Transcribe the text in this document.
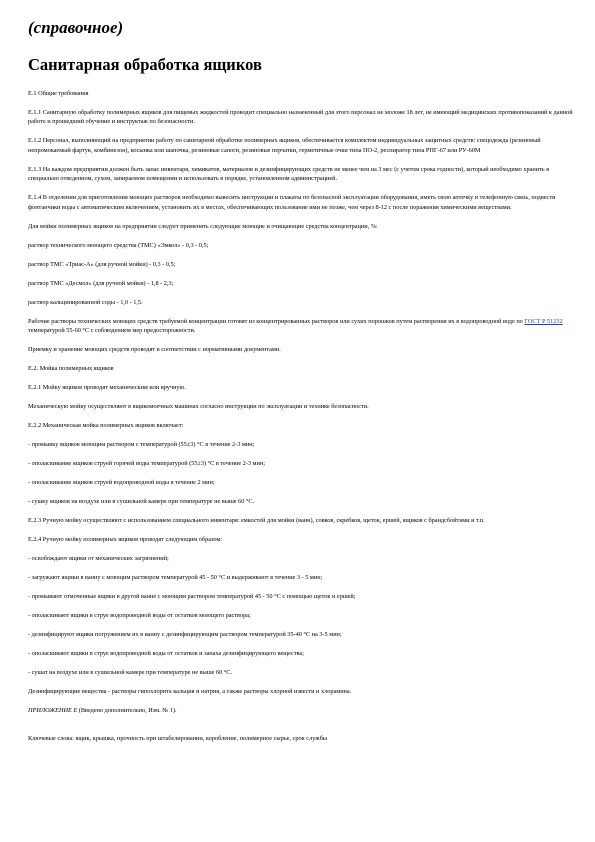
(справочное)
Санитарная обработка ящиков
Е.1 Общие требования
Е.1.1 Санитарную обработку полимерных ящиков для пищевых жидкостей проводит специально назначенный для этого персонал не моложе 18 лет, не имеющий медицинских противопоказаний к данной работе и прошедший обучение и инструктаж по безопасности.
Е.1.2 Персонал, выполняющий на предприятии работу по санитарной обработке полимерных ящиков, обеспечивается комплектом индивидуальных защитных средств: спецодежда (резиновый непромокаемый фартук, комбинезон), косынка или шапочка, резиновые сапоги, резиновые перчатки, герметичные очки типа ПО-2, респиратор типа РПГ-67 или РУ-60М
Е.1.3 На каждом предприятии должен быть запас инвентаря, химикатов, материалов и дезинфицирующих средств не менее чем на 3 мес (с учетом срока годности), который необходимо хранить в специально отведенном, сухом, запираемом помещении и использовать в порядке, установленном администрацией.
Е.1.4 В отделении для приготовления моющих растворов необходимо вывесить инструкции и плакаты по безопасной эксплуатации оборудования, иметь свою аптечку и телефонную связь, подвести фонтанчики воды с автоматическим включением, установить их в местах, обеспечивающих пользование ими не позже, чем через 8-12 с после поражения химическими веществами.
Для мойки полимерных ящиков на предприятии следует применять следующие моющие и очищающие средства концентрации, %:
раствор технического моющего средства (ТМС) «Эмкол» - 0,3 - 0,5;
раствор ТМС «Триас-А» (для ручной мойки) - 0,3 - 0,5;
раствор ТМС «Десмол» (для ручной мойки) - 1,8 - 2,3;
раствор кальцинированной соды - 1,0 - 1,5.
Рабочие растворы технических моющих средств требуемой концентрации готовят из концентрированных растворов или сухих порошков путем растворения их в водопроводной воде по ГОСТ Р 51232 температурой 55-60 °С с соблюдением мер предосторожности.
Приемку и хранение моющих средств проводят в соответствии с нормативными документами.
Е.2. Мойка полимерных ящиков
Е.2.1 Мойку ящиков проводят механическим или вручную.
Механическую мойку осуществляют в ящикомоечных машинах согласно инструкции по эксплуатации и технике безопасности.
Е.2.2 Механическая мойка полимерных ящиков включает:
- промывку ящиков моющим раствором с температурой (55±3) °С в течение 2-3 мин;
- ополаскивание ящиков струей горячей воды температурой (55±3) °С в течение 2-3 мин;
- ополаскивание ящиков струей водопроводной воды в течение 2 мин;
- сушку ящиков на воздухе или в сушильной камере при температуре не выше 60 °С.
Е.2.3 Ручную мойку осуществляют с использованием специального инвентаря: емкостей для мойки (ванн), совков, скребков, щеток, ершей, ящиков с брандсбойтами и т.п.
Е.2.4 Ручную мойку полимерных ящиков проводят следующим образом:
- освобождают ящики от механических загрязнений;
- загружают ящики в ванну с моющим раствором температурой 45 - 50 °С и выдерживают в течение 3 - 5 мин;
- промывают отмоченные ящики в другой ванне с моющим раствором температурой 45 - 50 °С с помощью щеток и ершей;
- ополаскивают ящики в струе водопроводной воды от остатков моющего раствора;
- дезинфицируют ящики погружением их в ванну с дезинфицирующим раствором температурой 35-40 °С на 3-5 мин;
- ополаскивают ящики в струе водопроводной воды от остатков и запаха дезинфицирующего вещества;
- сушат на воздухе или в сушильной камере при температуре не выше 60 °С.
Дезинфицирующие вещества - растворы гипохлорита кальция и натрия, а также растворы хлорной извести и хлорамина.
ПРИЛОЖЕНИЕ Е (Введено дополнительно, Изм. № 1).
Ключевые слова: ящик, крышка, прочность при штабелировании, коробление, полимерное сырье, срок службы
